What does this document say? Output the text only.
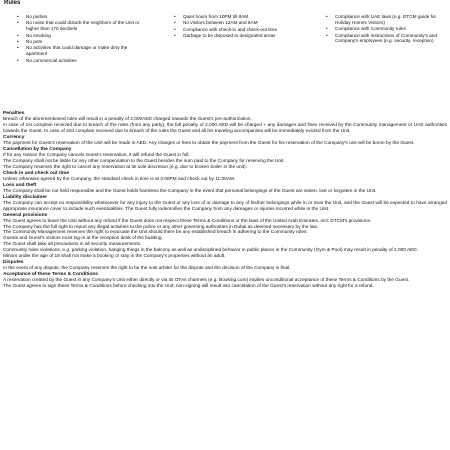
Rules
• No parties
• No noise that could disturb the neighbors of the Unit or higher than 170 decibels
• No smoking
• No pets
• No activities that could damage or make dirty the apartment
• No commercial activities
• Quiet hours from 10PM till 8AM
• No visitors between 12AM and 8AM
• Compliance with check-in and check-out time
• Garbage to be disposed to designated areas
• Compliance with UAE laws (e.g. DTCM guide for Holiday Homes Visitors)
• Compliance with Community rules
• Compliance with instructions of Community's and Company's employees (e.g. security, reception)
Penalties

Breach of the aforementioned rules will result in a penalty of 2,000AED charged towards the Guest's pre-authorization.

In case of 1st complain received due to breach of the rules (from any party), the full penalty of 2,000 AED will be charged + any damages and fines received by the Community management or UAE authorities towards the Guest. In case of 2nd complain received due to breach of the rules the Guest and all his traveling accompanists will be immediately evicted from the Unit.

Currency

The payment for Guest's reservation of the Unit will be made in AED. Any charges or fees to obtain the payment from the Guest for his reservation of the Company's unit will be borne by the Guest.

Cancellation by the Company

If for any reason the Company cancels Guest's reservation, it will refund the Guest in full.

The Company shall not be liable for any other compensation to the Guest besides the sum paid to the Company for reserving the Unit.

The Company reserves the right to cancel any reservation at its sole discretion (e.g. due to broken boiler in the unit).

Check in and check out time

Unless otherwise agreed by the Company, the standard check in time is at 3:00PM and check out by 11:00AM.

Loss and theft

The Company shall be not held responsible and the Guest holds harmless the Company in the event that personal belongings of the Guest are stolen, lost or forgotten in the Unit.

Liability disclaimer

The Company can accept no responsibility whatsoever for any injury to the Guest or any loss of or damage to any of his/her belongings while in or near the Unit, and the Guest will be expected to have arranged appropriate insurance cover to include such eventualities. The Guest fully indemnifies the Company from any damages or injuries incurred while in the Unit.

General provisions

The Guest agrees to leave the Unit without any refund if the Guest does not respect these Terms & Conditions or the laws of the United Arab Emirates, incl. DTCM's provisions.

The Company has the full right to report any illegal activities to the police or any other governing authorities in Dubai as deemed necessary by the law.

The Community Management reserves the right to evacuate the Unit should there be any established breach in adhering to the Community rules.

Guests and Guest's visitors must log-in at the reception desk of the building.

The Guest shall take all precautions in all security measurements.

Community rules violations, e.g. parking violation, hanging things in the balcony as well as undisciplined behavior in public places in the Community (Gym & Pool) may result in penalty of 2,000 AED.

Minors under the age of 18 shall not make a booking or stay in the Company's properties without an adult.

Disputes

In the event of any dispute, the Company reserves the right to be the sole arbiter for the dispute and the decision of the Company is final.

Acceptance of these Terms & Conditions

A reservation created by the Guest in any Company's Unit either directly or via its OTAs channels (e.g. Booking.com) implies unconditional acceptance of these Terms & Conditions by the Guest.

The Guest agrees to sign these Terms & Conditions before checking into the Unit; non-signing will result into cancelation of the Guest's reservation without any right for a refund.
